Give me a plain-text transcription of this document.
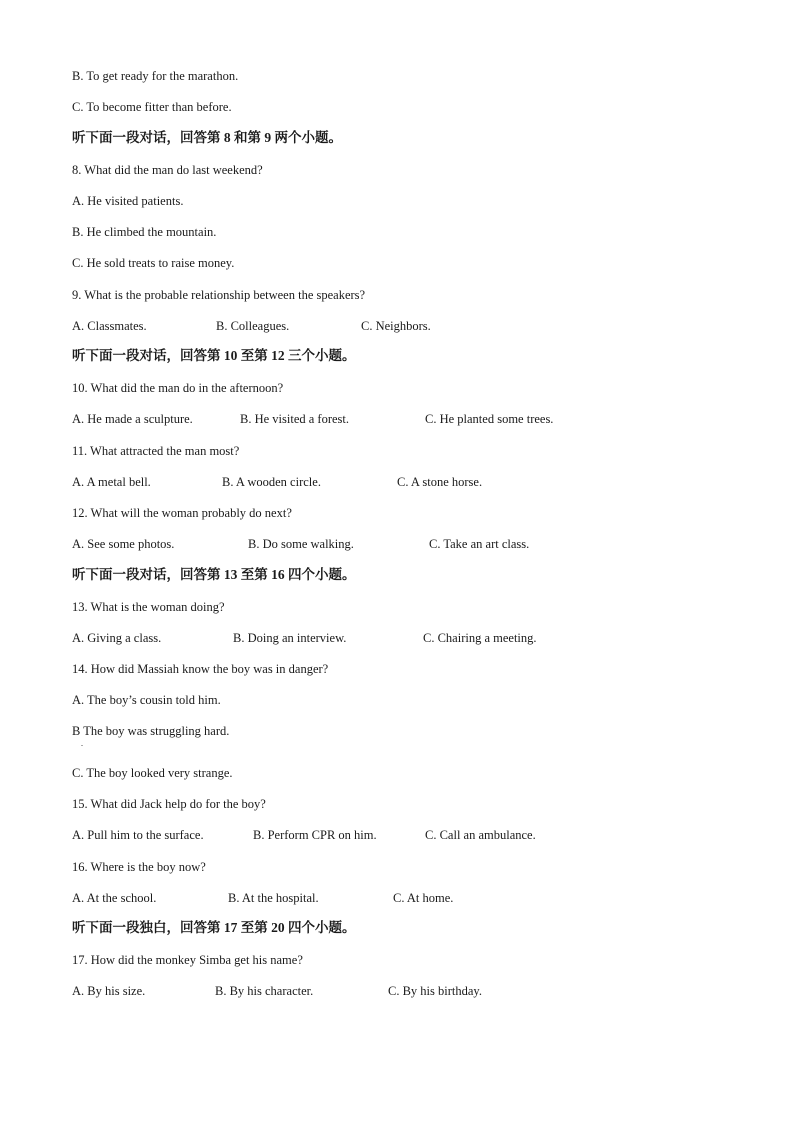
B. To get ready for the marathon.
C. To become fitter than before.
听下面一段对话，回答第 8 和第 9 两个小题。
8. What did the man do last weekend?
A. He visited patients.
B. He climbed the mountain.
C. He sold treats to raise money.
9. What is the probable relationship between the speakers?
A. Classmates.	B. Colleagues.	C. Neighbors.
听下面一段对话，回答第 10 至第 12 三个小题。
10. What did the man do in the afternoon?
A. He made a sculpture.	B. He visited a forest.	C. He planted some trees.
11. What attracted the man most?
A. A metal bell.	B. A wooden circle.	C. A stone horse.
12. What will the woman probably do next?
A. See some photos.	B. Do some walking.	C. Take an art class.
听下面一段对话，回答第 13 至第 16 四个小题。
13. What is the woman doing?
A. Giving a class.	B. Doing an interview.	C. Chairing a meeting.
14. How did Massiah know the boy was in danger?
A. The boy’s cousin told him.
B The boy was struggling hard.
.
C. The boy looked very strange.
15. What did Jack help do for the boy?
A. Pull him to the surface.	B. Perform CPR on him.	C. Call an ambulance.
16. Where is the boy now?
A. At the school.	B. At the hospital.	C. At home.
听下面一段独白，回答第 17 至第 20 四个小题。
17. How did the monkey Simba get his name?
A. By his size.	B. By his character.	C. By his birthday.
